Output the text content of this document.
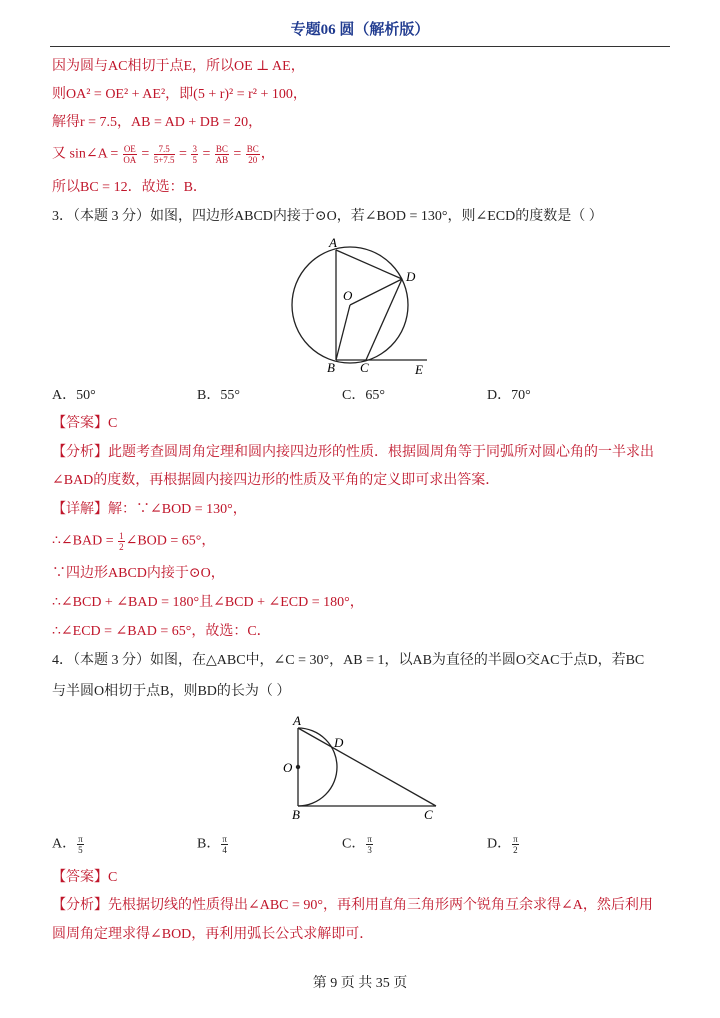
专题06 圆（解析版）
因为圆与AC相切于点E，所以OE ⊥ AE，
则OA² = OE² + AE²，即(5 + r)² = r² + 100，
解得r = 7.5，AB = AD + DB = 20，
又 sin∠A = $\frac{OE}{OA} = \frac{7.5}{5+7.5} = \frac{3}{5} = \frac{BC}{AB} = \frac{BC}{20}$ ，
所以BC = 12．故选：B．
3．（本题 3 分）如图，四边形ABCD内接于⊙O，若∠BOD = 130°，则∠ECD的度数是（ ）
A
D
O
B C	E
A．50°	B．55°	C．65°	D．70°
【答案】C
【分析】此题考查圆周角定理和圆内接四边形的性质．根据圆周角等于同弧所对圆心角的一半求出
∠BAD的度数，再根据圆内接四边形的性质及平角的定义即可求出答案．
【详解】解：∵∠BOD = 130°，
∴∠BAD = $\frac{1}{2}$ ∠BOD = 65°，
∵四边形ABCD内接于⊙O，
∴∠BCD + ∠BAD = 180°且∠BCD + ∠ECD = 180°，
∴∠ECD = ∠BAD = 65°，故选：C．
4．（本题 3 分）如图，在△ABC中，∠C = 30°，AB = 1，以AB为直径的半圆O交AC于点D，若BC
与半圆O相切于点B，则BD的长为（ ）
A
D
O
B	C
A． $\frac{\pi}{5}$	B． $\frac{\pi}{4}$	C． $\frac{\pi}{3}$	D． $\frac{\pi}{2}$
【答案】C
【分析】先根据切线的性质得出∠ABC = 90°，再利用直角三角形两个锐角互余求得∠A，然后利用
圆周角定理求得∠BOD，再利用弧长公式求解即可．
第 9 页 共 35 页
